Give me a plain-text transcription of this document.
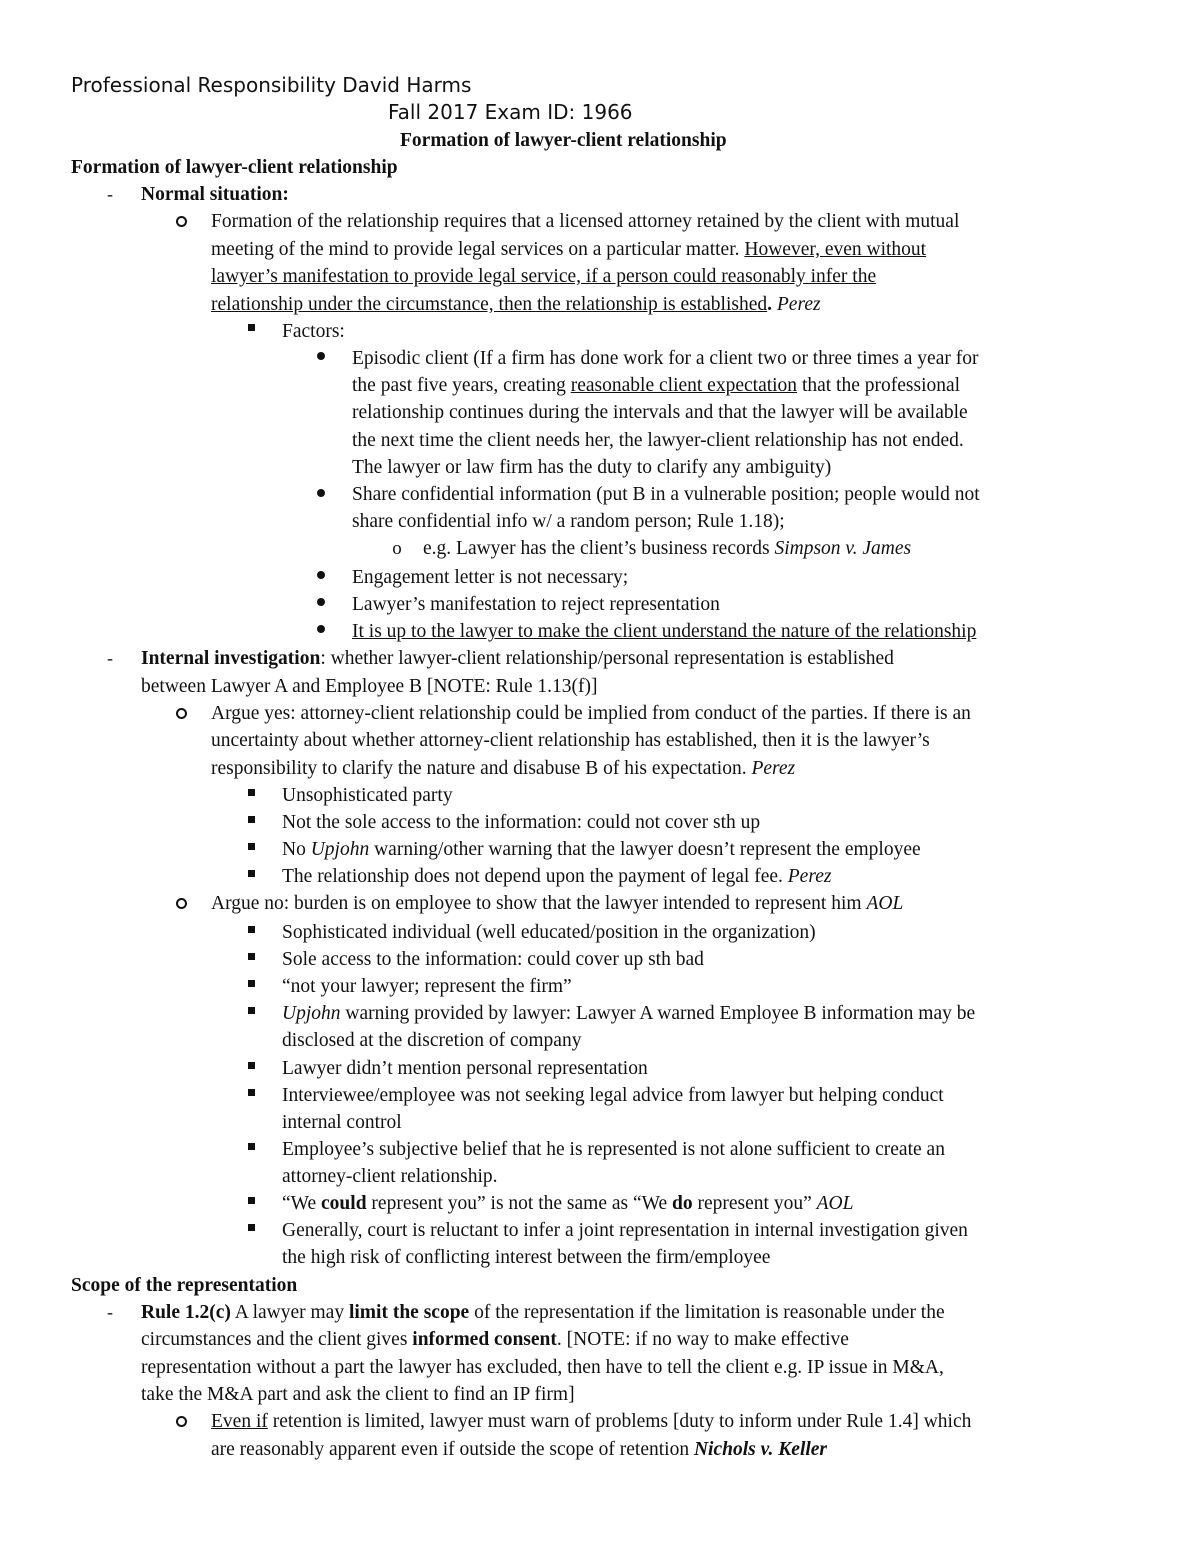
Professional Responsibility David Harms
Fall 2017 Exam ID: 1966
Formation of lawyer-client relationship
Formation of lawyer-client relationship
-	Normal situation:
Formation of the relationship requires that a licensed attorney retained by the client with mutual
meeting of the mind to provide legal services on a particular matter. However, even without
lawyer’s manifestation to provide legal service, if a person could reasonably infer the
relationship under the circumstance, then the relationship is established. Perez
Factors:
Episodic client (If a firm has done work for a client two or three times a year for
the past five years, creating reasonable client expectation that the professional
relationship continues during the intervals and that the lawyer will be available
the next time the client needs her, the lawyer-client relationship has not ended.
The lawyer or law firm has the duty to clarify any ambiguity)
Share confidential information (put B in a vulnerable position; people would not
share confidential info w/ a random person; Rule 1.18);
o e.g. Lawyer has the client’s business records Simpson v. James
Engagement letter is not necessary;
Lawyer’s manifestation to reject representation
It is up to the lawyer to make the client understand the nature of the relationship
-	Internal investigation: whether lawyer-client relationship/personal representation is established
between Lawyer A and Employee B [NOTE: Rule 1.13(f)]
Argue yes: attorney-client relationship could be implied from conduct of the parties. If there is an
uncertainty about whether attorney-client relationship has established, then it is the lawyer’s
responsibility to clarify the nature and disabuse B of his expectation. Perez
Unsophisticated party
Not the sole access to the information: could not cover sth up
No Upjohn warning/other warning that the lawyer doesn’t represent the employee
The relationship does not depend upon the payment of legal fee. Perez
Argue no: burden is on employee to show that the lawyer intended to represent him AOL
Sophisticated individual (well educated/position in the organization)
Sole access to the information: could cover up sth bad
“not your lawyer; represent the firm”
Upjohn warning provided by lawyer: Lawyer A warned Employee B information may be
disclosed at the discretion of company
Lawyer didn’t mention personal representation
Interviewee/employee was not seeking legal advice from lawyer but helping conduct
internal control
Employee’s subjective belief that he is represented is not alone sufficient to create an
attorney-client relationship.
“We could represent you” is not the same as “We do represent you” AOL
Generally, court is reluctant to infer a joint representation in internal investigation given
the high risk of conflicting interest between the firm/employee
Scope of the representation
-	Rule 1.2(c) A lawyer may limit the scope of the representation if the limitation is reasonable under the
circumstances and the client gives informed consent. [NOTE: if no way to make effective
representation without a part the lawyer has excluded, then have to tell the client e.g. IP issue in M&A,
take the M&A part and ask the client to find an IP firm]
Even if retention is limited, lawyer must warn of problems [duty to inform under Rule 1.4] which
are reasonably apparent even if outside the scope of retention Nichols v. Keller
